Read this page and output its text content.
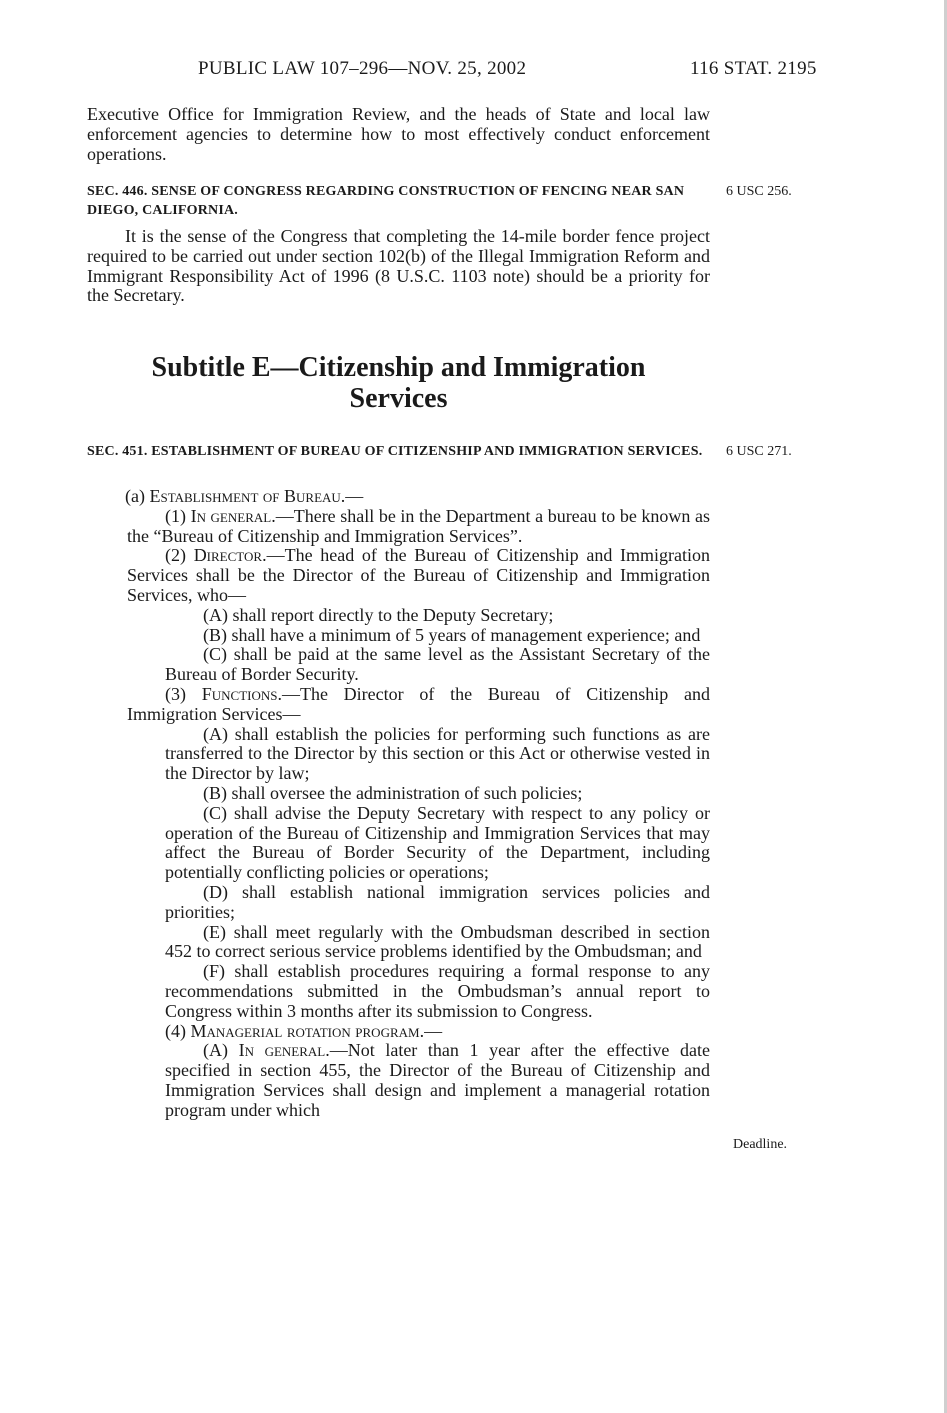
PUBLIC LAW 107–296—NOV. 25, 2002	116 STAT. 2195
Executive Office for Immigration Review, and the heads of State and local law enforcement agencies to determine how to most effectively conduct enforcement operations.
SEC. 446. SENSE OF CONGRESS REGARDING CONSTRUCTION OF FENCING NEAR SAN DIEGO, CALIFORNIA.
6 USC 256.
It is the sense of the Congress that completing the 14-mile border fence project required to be carried out under section 102(b) of the Illegal Immigration Reform and Immigrant Responsibility Act of 1996 (8 U.S.C. 1103 note) should be a priority for the Secretary.
Subtitle E—Citizenship and Immigration
Services
SEC. 451. ESTABLISHMENT OF BUREAU OF CITIZENSHIP AND IMMIGRATION SERVICES.	6 USC 271.

(a) Establishment of Bureau.—

(1) In general.—There shall be in the Department a bureau to be known as the “Bureau of Citizenship and Immigration Services”.

(2) Director.—The head of the Bureau of Citizenship and Immigration Services shall be the Director of the Bureau of Citizenship and Immigration Services, who—

(A) shall report directly to the Deputy Secretary;

(B) shall have a minimum of 5 years of management experience; and

(C) shall be paid at the same level as the Assistant Secretary of the Bureau of Border Security.

(3) Functions.—The Director of the Bureau of Citizenship and Immigration Services—

(A) shall establish the policies for performing such functions as are transferred to the Director by this section or this Act or otherwise vested in the Director by law;

(B) shall oversee the administration of such policies;

(C) shall advise the Deputy Secretary with respect to any policy or operation of the Bureau of Citizenship and Immigration Services that may affect the Bureau of Border Security of the Department, including potentially conflicting policies or operations;

(D) shall establish national immigration services policies and priorities;

(E) shall meet regularly with the Ombudsman described in section 452 to correct serious service problems identified by the Ombudsman; and

(F) shall establish procedures requiring a formal response to any recommendations submitted in the Ombudsman’s annual report to Congress within 3 months after its submission to Congress.

(4) Managerial rotation program.—

(A) In general.—Not later than 1 year after the effective date specified in section 455, the Director of the Bureau of Citizenship and Immigration Services shall design and implement a managerial rotation program under which

Deadline.
